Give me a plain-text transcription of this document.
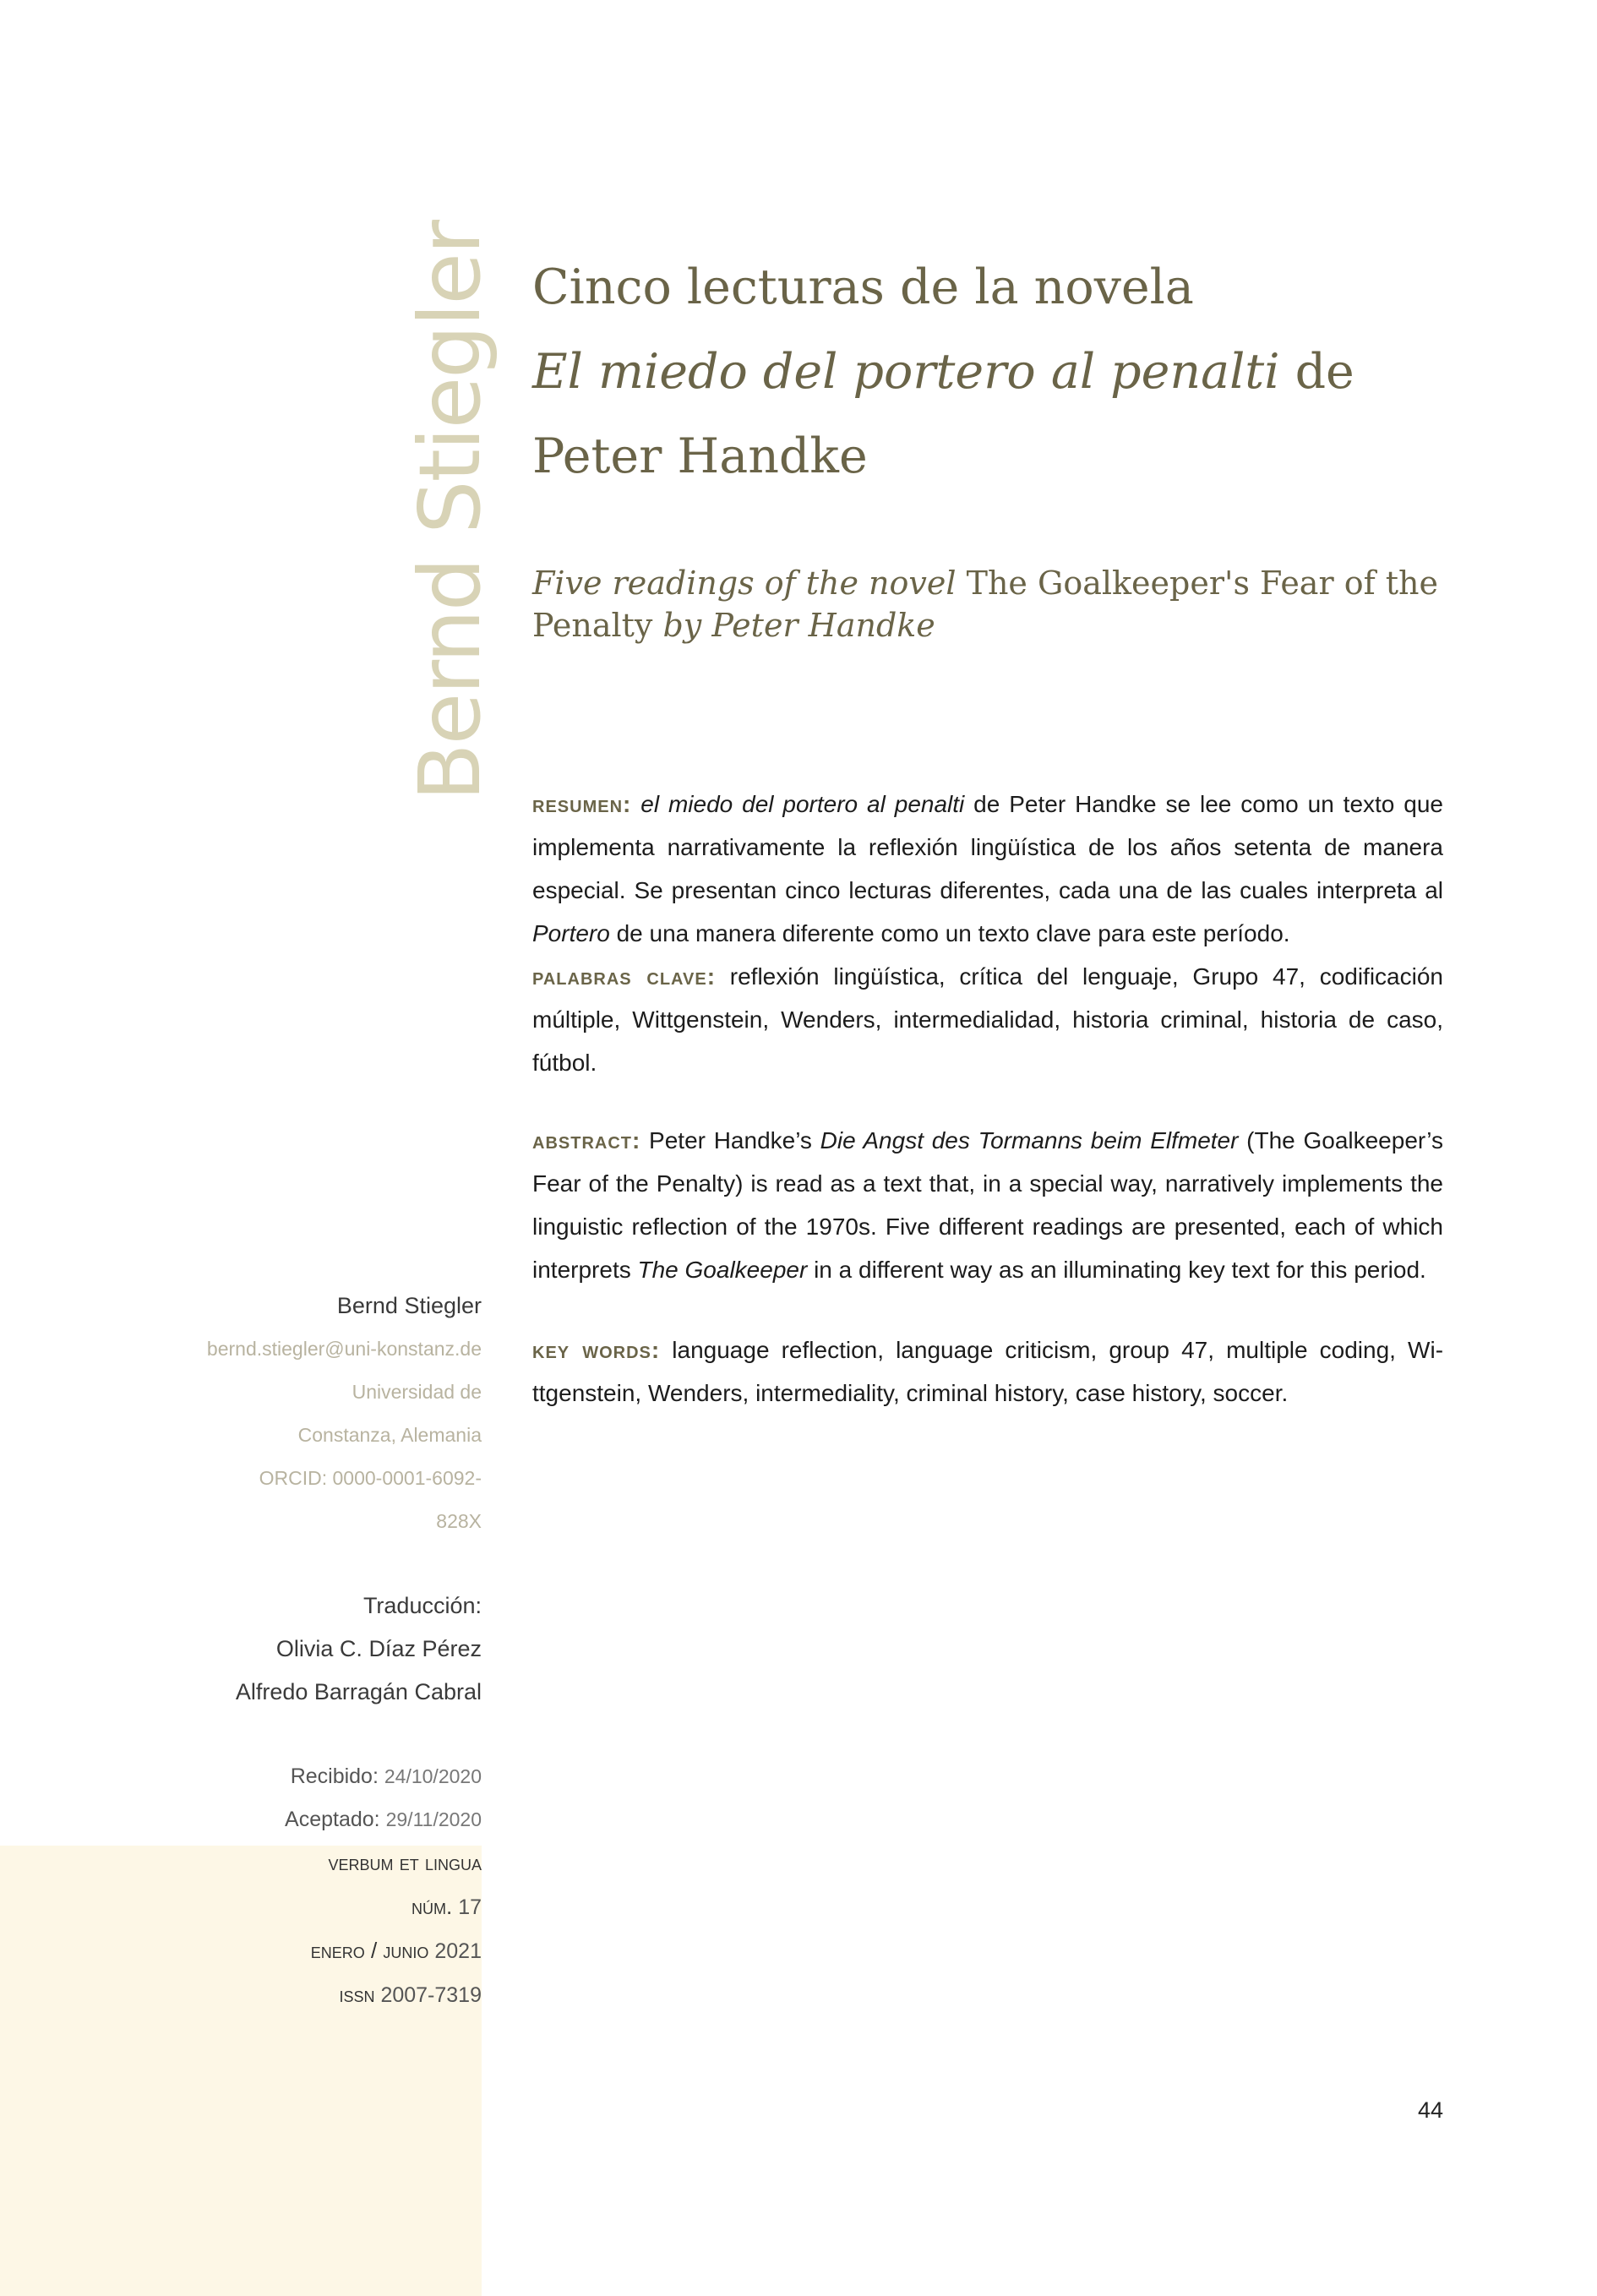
Bernd Stiegler Cinco lecturas de la novela
El miedo del portero al penalti de
Peter Handke

Five readings of the novel The Goalkeeper's Fear of the Penalty by Peter Handke

resumen: el miedo del portero al penalti de Peter Handke se lee como un texto que implementa narrativamente la reflexión lingüística de los años setenta de manera especial. Se presentan cinco lecturas diferentes, cada una de las cuales interpreta al Portero de una manera diferente como un texto clave para este período.

palabras clave: reflexión lingüística, crítica del lenguaje, Grupo 47, codificación múltiple, Wittgenstein, Wenders, intermedialidad, historia criminal, historia de caso, fútbol.

abstract: Peter Handke’s Die Angst des Tormanns beim Elfmeter (The Goalkeeper’s Fear of the Penalty) is read as a text that, in a special way, narratively implements the linguistic reflection of the 1970s. Five different readings are presented, each of which interprets The Goalkeeper in a different way as an illuminating key text for this period.

key words: language reflection, language criticism, group 47, multiple coding, Wittgenstein, Wenders, intermediality, criminal history, case history, soccer.

Bernd Stiegler
bernd.stiegler@uni-konstanz.de
Universidad de
Constanza, Alemania
ORCID: 0000-0001-6092-
828X
Traducción:
Olivia C. Díaz Pérez
Alfredo Barragán Cabral
Recibido: 24/10/2020
Aceptado: 29/11/2020
verbum et lingua
núm. 17
enero / junio 2021
issn 2007-7319
44
